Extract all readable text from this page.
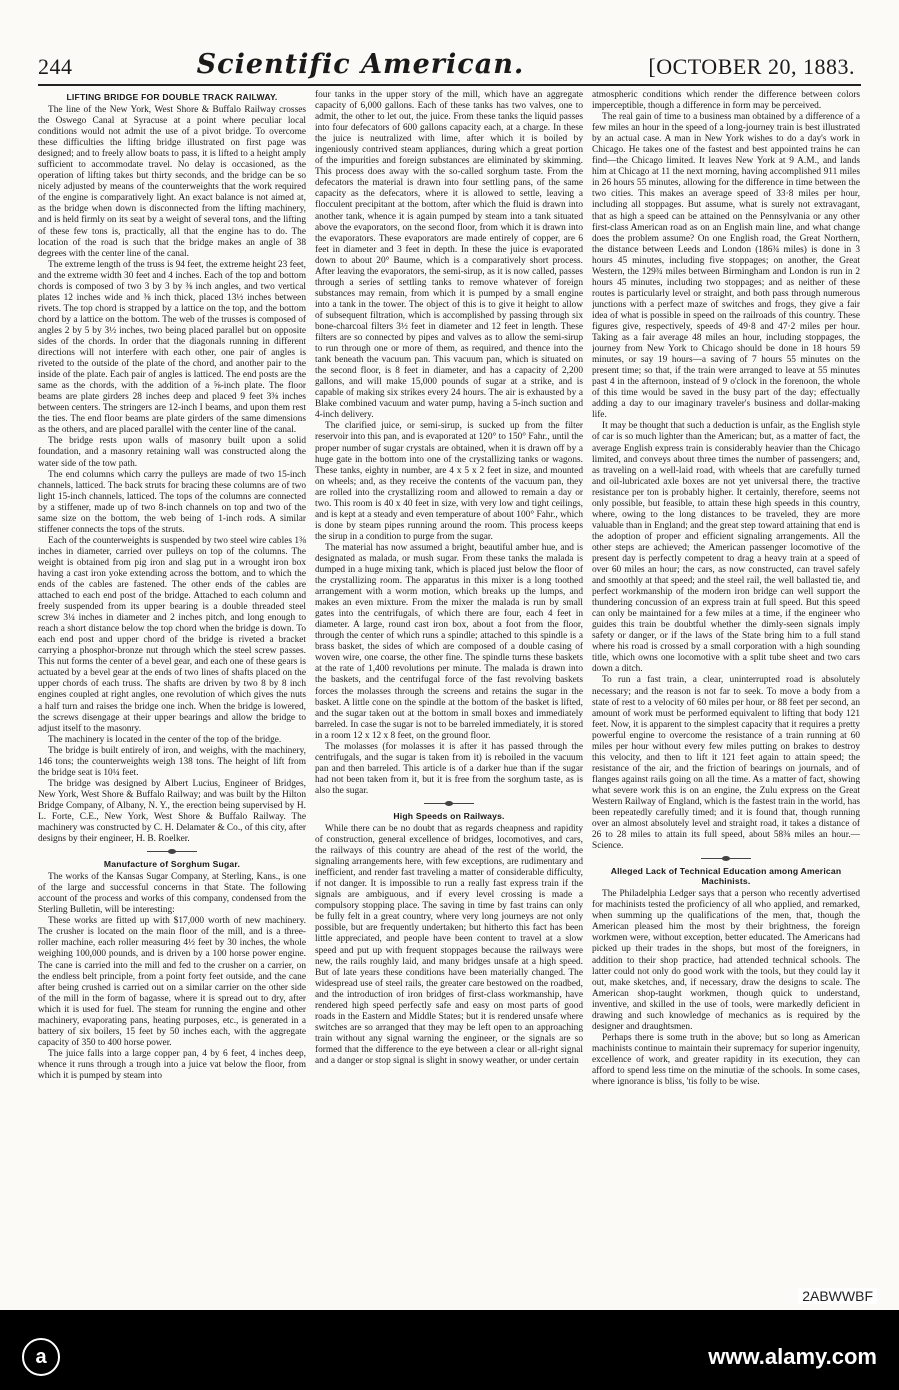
244	Scientific American.	[OCTOBER 20, 1883.
LIFTING BRIDGE FOR DOUBLE TRACK RAILWAY.

The line of the New York, West Shore & Buffalo Railway crosses the Oswego Canal at Syracuse at a point where peculiar local conditions would not admit the use of a pivot bridge. To overcome these difficulties the lifting bridge illustrated on first page was designed; and to freely allow boats to pass, it is lifted to a height amply sufficient to accommodate travel. No delay is occasioned, as the operation of lifting takes but thirty seconds, and the bridge can be so nicely adjusted by means of the counterweights that the work required of the engine is comparatively light. An exact balance is not aimed at, as the bridge when down is disconnected from the lifting machinery, and is held firmly on its seat by a weight of several tons, and the lifting of these few tons is, practically, all that the engine has to do. The location of the road is such that the bridge makes an angle of 38 degrees with the center line of the canal.

The extreme length of the truss is 94 feet, the extreme height 23 feet, and the extreme width 30 feet and 4 inches. Each of the top and bottom chords is composed of two 3 by 3 by ⅜ inch angles, and two vertical plates 12 inches wide and ⅜ inch thick, placed 13½ inches between rivets. The top chord is strapped by a lattice on the top, and the bottom chord by a lattice on the bottom. The web of the trusses is composed of angles 2 by 5 by 3½ inches, two being placed parallel but on opposite sides of the chords. In order that the diagonals running in different directions will not interfere with each other, one pair of angles is riveted to the outside of the plate of the chord, and another pair to the inside of the plate. Each pair of angles is latticed. The end posts are the same as the chords, with the addition of a ⅝-inch plate. The floor beams are plate girders 28 inches deep and placed 9 feet 3⅜ inches between centers. The stringers are 12-inch I beams, and upon them rest the ties. The end floor beams are plate girders of the same dimensions as the others, and are placed parallel with the center line of the canal.

The bridge rests upon walls of masonry built upon a solid foundation, and a masonry retaining wall was constructed along the water side of the tow path.

The end columns which carry the pulleys are made of two 15-inch channels, latticed. The back struts for bracing these columns are of two light 15-inch channels, latticed. The tops of the columns are connected by a stiffener, made up of two 8-inch channels on top and two of the same size on the bottom, the web being of 1-inch rods. A similar stiffener connects the tops of the struts.

Each of the counterweights is suspended by two steel wire cables 1⅜ inches in diameter, carried over pulleys on top of the columns. The weight is obtained from pig iron and slag put in a wrought iron box having a cast iron yoke extending across the bottom, and to which the ends of the cables are fastened. The other ends of the cables are attached to each end post of the bridge. Attached to each column and freely suspended from its upper bearing is a double threaded steel screw 3¼ inches in diameter and 2 inches pitch, and long enough to reach a short distance below the top chord when the bridge is down. To each end post and upper chord of the bridge is riveted a bracket carrying a phosphor-bronze nut through which the steel screw passes. This nut forms the center of a bevel gear, and each one of these gears is actuated by a bevel gear at the ends of two lines of shafts placed on the upper chords of each truss. The shafts are driven by two 8 by 8 inch engines coupled at right angles, one revolution of which gives the nuts a half turn and raises the bridge one inch. When the bridge is lowered, the screws disengage at their upper bearings and allow the bridge to adjust itself to the masonry.

The machinery is located in the center of the top of the bridge.

The bridge is built entirely of iron, and weighs, with the machinery, 146 tons; the counterweights weigh 138 tons. The height of lift from the bridge seat is 10¼ feet.

The bridge was designed by Albert Lucius, Engineer of Bridges, New York, West Shore & Buffalo Railway; and was built by the Hilton Bridge Company, of Albany, N. Y., the erection being supervised by H. L. Forte, C.E., New York, West Shore & Buffalo Railway. The machinery was constructed by C. H. Delamater & Co., of this city, after designs by their engineer, H. B. Roelker.

Manufacture of Sorghum Sugar.

The works of the Kansas Sugar Company, at Sterling, Kans., is one of the large and successful concerns in that State. The following account of the process and works of this company, condensed from the Sterling Bulletin, will be interesting:

These works are fitted up with $17,000 worth of new machinery. The crusher is located on the main floor of the mill, and is a three-roller machine, each roller measuring 4½ feet by 30 inches, the whole weighing 100,000 pounds, and is driven by a 100 horse power engine. The cane is carried into the mill and fed to the crusher on a carrier, on the endless belt principle, from a point forty feet outside, and the cane after being crushed is carried out on a similar carrier on the other side of the mill in the form of bagasse, where it is spread out to dry, after which it is used for fuel. The steam for running the engine and other machinery, evaporating pans, heating purposes, etc., is generated in a battery of six boilers, 15 feet by 50 inches each, with the aggregate capacity of 350 to 400 horse power.

The juice falls into a large copper pan, 4 by 6 feet, 4 inches deep, whence it runs through a trough into a juice vat below the floor, from which it is pumped by steam into

four tanks in the upper story of the mill, which have an aggregate capacity of 6,000 gallons. Each of these tanks has two valves, one to admit, the other to let out, the juice. From these tanks the liquid passes into four defecators of 600 gallons capacity each, at a charge. In these the juice is neutralized with lime, after which it is boiled by ingeniously contrived steam appliances, during which a great portion of the impurities and foreign substances are eliminated by skimming. This process does away with the so-called sorghum taste. From the defecators the material is drawn into four settling pans, of the same capacity as the defecators, where it is allowed to settle, leaving a flocculent precipitant at the bottom, after which the fluid is drawn into another tank, whence it is again pumped by steam into a tank situated above the evaporators, on the second floor, from which it is drawn into the evaporators. These evaporators are made entirely of copper, are 6 feet in diameter and 3 feet in depth. In these the juice is evaporated down to about 20° Baume, which is a comparatively short process. After leaving the evaporators, the semi-sirup, as it is now called, passes through a series of settling tanks to remove whatever of foreign substances may remain, from which it is pumped by a small engine into a tank in the tower. The object of this is to give it height to allow of subsequent filtration, which is accomplished by passing through six bone-charcoal filters 3½ feet in diameter and 12 feet in length. These filters are so connected by pipes and valves as to allow the semi-sirup to run through one or more of them, as required, and thence into the tank beneath the vacuum pan. This vacuum pan, which is situated on the second floor, is 8 feet in diameter, and has a capacity of 2,200 gallons, and will make 15,000 pounds of sugar at a strike, and is capable of making six strikes every 24 hours. The air is exhausted by a Blake combined vacuum and water pump, having a 5-inch suction and 4-inch delivery.

The clarified juice, or semi-sirup, is sucked up from the filter reservoir into this pan, and is evaporated at 120° to 150° Fahr., until the proper number of sugar crystals are obtained, when it is drawn off by a huge gate in the bottom into one of the crystallizing tanks or wagons. These tanks, eighty in number, are 4 x 5 x 2 feet in size, and mounted on wheels; and, as they receive the contents of the vacuum pan, they are rolled into the crystallizing room and allowed to remain a day or two. This room is 40 x 40 feet in size, with very low and tight ceilings, and is kept at a steady and even temperature of about 100° Fahr., which is done by steam pipes running around the room. This process keeps the sirup in a condition to purge from the sugar.

The material has now assumed a bright, beautiful amber hue, and is designated as malada, or mush sugar. From these tanks the malada is dumped in a huge mixing tank, which is placed just below the floor of the crystallizing room. The apparatus in this mixer is a long toothed arrangement with a worm motion, which breaks up the lumps, and makes an even mixture. From the mixer the malada is run by small gates into the centrifugals, of which there are four, each 4 feet in diameter. A large, round cast iron box, about a foot from the floor, through the center of which runs a spindle; attached to this spindle is a brass basket, the sides of which are composed of a double casing of woven wire, one coarse, the other fine. The spindle turns these baskets at the rate of 1,400 revolutions per minute. The malada is drawn into the baskets, and the centrifugal force of the fast revolving baskets forces the molasses through the screens and retains the sugar in the basket. A little cone on the spindle at the bottom of the basket is lifted, and the sugar taken out at the bottom in small boxes and immediately barreled. In case the sugar is not to be barreled immediately, it is stored in a room 12 x 12 x 8 feet, on the ground floor.

The molasses (for molasses it is after it has passed through the centrifugals, and the sugar is taken from it) is reboiled in the vacuum pan and then barreled. This article is of a darker hue than if the sugar had not been taken from it, but it is free from the sorghum taste, as is also the sugar.

High Speeds on Railways.

While there can be no doubt that as regards cheapness and rapidity of construction, general excellence of bridges, locomotives, and cars, the railways of this country are ahead of the rest of the world, the signaling arrangements here, with few exceptions, are rudimentary and inefficient, and render fast traveling a matter of considerable difficulty, if not danger. It is impossible to run a really fast express train if the signals are ambiguous, and if every level crossing is made a compulsory stopping place. The saving in time by fast trains can only be fully felt in a great country, where very long journeys are not only possible, but are frequently undertaken; but hitherto this fact has been little appreciated, and people have been content to travel at a slow speed and put up with frequent stoppages because the railways were new, the rails roughly laid, and many bridges unsafe at a high speed. But of late years these conditions have been materially changed. The widespread use of steel rails, the greater care bestowed on the roadbed, and the introduction of iron bridges of first-class workmanship, have rendered high speed perfectly safe and easy on most parts of good roads in the Eastern and Middle States; but it is rendered unsafe where switches are so arranged that they may be left open to an approaching train without any signal warning the engineer, or the signals are so formed that the difference to the eye between a clear or all-right signal and a danger or stop signal is slight in snowy weather, or under certain

atmospheric conditions which render the difference between colors imperceptible, though a difference in form may be perceived.

The real gain of time to a business man obtained by a difference of a few miles an hour in the speed of a long-journey train is best illustrated by an actual case. A man in New York wishes to do a day's work in Chicago. He takes one of the fastest and best appointed trains he can find—the Chicago limited. It leaves New York at 9 A.M., and lands him at Chicago at 11 the next morning, having accomplished 911 miles in 26 hours 55 minutes, allowing for the difference in time between the two cities. This makes an average speed of 33·8 miles per hour, including all stoppages. But assume, what is surely not extravagant, that as high a speed can be attained on the Pennsylvania or any other first-class American road as on an English main line, and what change does the problem assume? On one English road, the Great Northern, the distance between Leeds and London (186¾ miles) is done in 3 hours 45 minutes, including five stoppages; on another, the Great Western, the 129¾ miles between Birmingham and London is run in 2 hours 45 minutes, including two stoppages; and as neither of these routes is particularly level or straight, and both pass through numerous junctions with a perfect maze of switches and frogs, they give a fair idea of what is possible in speed on the railroads of this country. These figures give, respectively, speeds of 49·8 and 47·2 miles per hour. Taking as a fair average 48 miles an hour, including stoppages, the journey from New York to Chicago should be done in 18 hours 59 minutes, or say 19 hours—a saving of 7 hours 55 minutes on the present time; so that, if the train were arranged to leave at 55 minutes past 4 in the afternoon, instead of 9 o'clock in the forenoon, the whole of this time would be saved in the busy part of the day; effectually adding a day to our imaginary traveler's business and dollar-making life.

It may be thought that such a deduction is unfair, as the English style of car is so much lighter than the American; but, as a matter of fact, the average English express train is considerably heavier than the Chicago limited, and conveys about three times the number of passengers; and, as traveling on a well-laid road, with wheels that are carefully turned and oil-lubricated axle boxes are not yet universal there, the tractive resistance per ton is probably higher. It certainly, therefore, seems not only possible, but feasible, to attain these high speeds in this country, where, owing to the long distances to be traveled, they are more valuable than in England; and the great step toward attaining that end is the adoption of proper and efficient signaling arrangements. All the other steps are achieved; the American passenger locomotive of the present day is perfectly competent to drag a heavy train at a speed of over 60 miles an hour; the cars, as now constructed, can travel safely and smoothly at that speed; and the steel rail, the well ballasted tie, and perfect workmanship of the modern iron bridge can well support the thundering concussion of an express train at full speed. But this speed can only be maintained for a few miles at a time, if the engineer who guides this train be doubtful whether the dimly-seen signals imply safety or danger, or if the laws of the State bring him to a full stand where his road is crossed by a small corporation with a high sounding title, which owns one locomotive with a split tube sheet and two cars down a ditch.

To run a fast train, a clear, uninterrupted road is absolutely necessary; and the reason is not far to seek. To move a body from a state of rest to a velocity of 60 miles per hour, or 88 feet per second, an amount of work must be performed equivalent to lifting that body 121 feet. Now, it is apparent to the simplest capacity that it requires a pretty powerful engine to overcome the resistance of a train running at 60 miles per hour without every few miles putting on brakes to destroy this velocity, and then to lift it 121 feet again to attain speed; the resistance of the air, and the friction of bearings on journals, and of flanges against rails going on all the time. As a matter of fact, showing what severe work this is on an engine, the Zulu express on the Great Western Railway of England, which is the fastest train in the world, has been repeatedly carefully timed; and it is found that, though running over an almost absolutely level and straight road, it takes a distance of 26 to 28 miles to attain its full speed, about 58⅜ miles an hour.—Science.

Alleged Lack of Technical Education among American Machinists.

The Philadelphia Ledger says that a person who recently advertised for machinists tested the proficiency of all who applied, and remarked, when summing up the qualifications of the men, that, though the American pleased him the most by their brightness, the foreign workmen were, without exception, better educated. The Americans had picked up their trades in the shops, but most of the foreigners, in addition to their shop practice, had attended technical schools. The latter could not only do good work with the tools, but they could lay it out, make sketches, and, if necessary, draw the designs to scale. The American shop-taught workmen, though quick to understand, inventive, and skilled in the use of tools, were markedly deficient in drawing and such knowledge of mechanics as is required by the designer and draughtsmen.

Perhaps there is some truth in the above; but so long as American machinists continue to maintain their supremacy for superior ingenuity, excellence of work, and greater rapidity in its execution, they can afford to spend less time on the minutiæ of the schools. In some cases, where ignorance is bliss, 'tis folly to be wise.

2ABWWBF
a	www.alamy.com
